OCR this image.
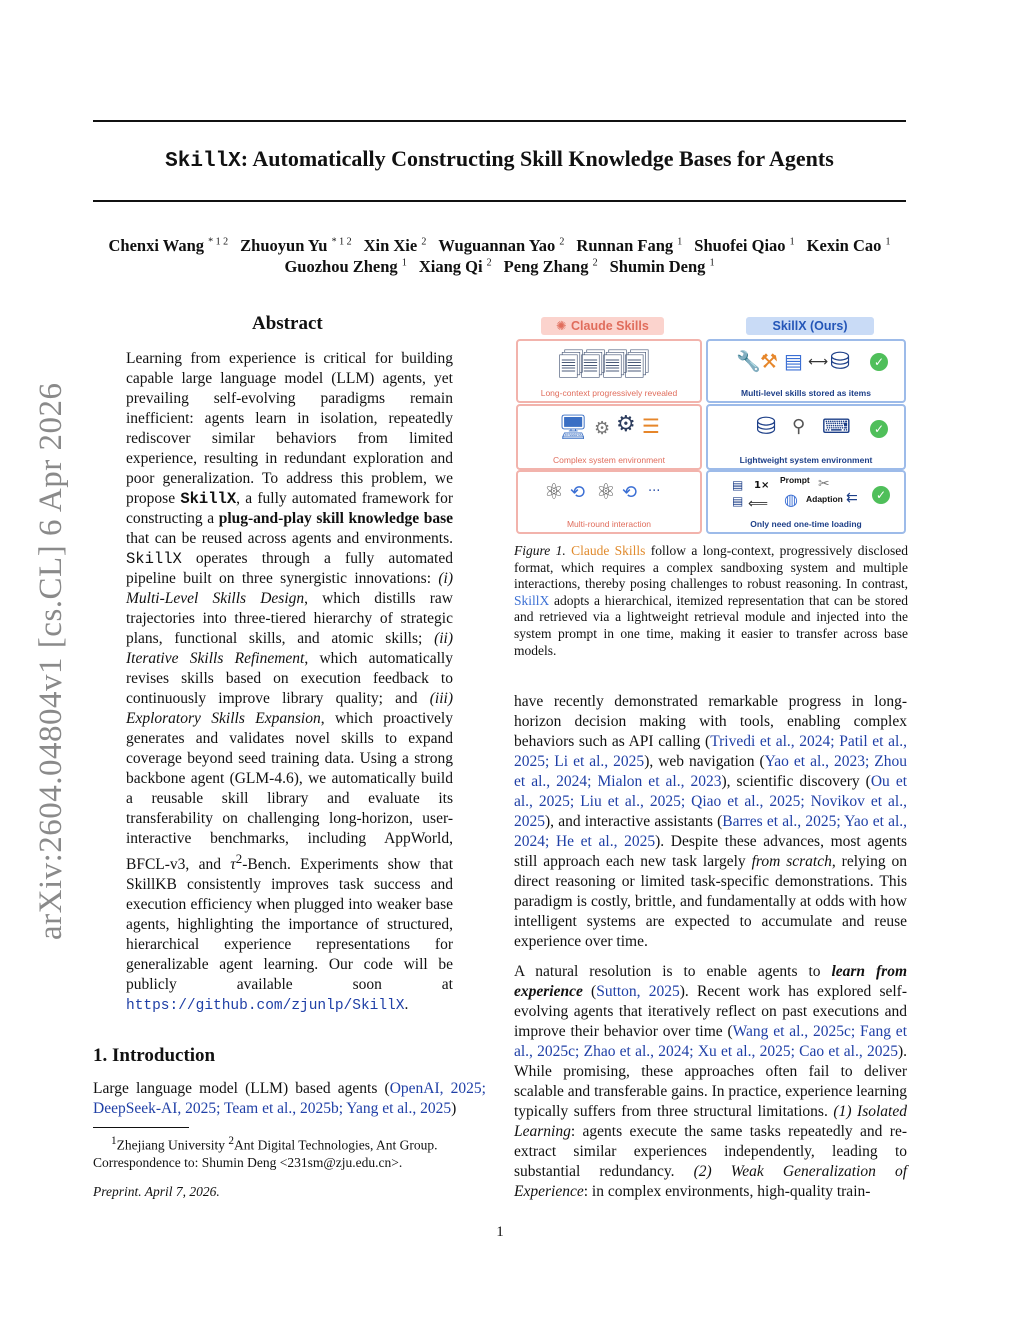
arXiv:2604.04804v1 [cs.CL] 6 Apr 2026
SkillX: Automatically Constructing Skill Knowledge Bases for Agents
Chenxi Wang $^{* 1 2}$ Zhuoyun Yu $^{* 1 2}$ Xin Xie $^2$ Wuguannan Yao $^2$ Runnan Fang $^1$ Shuofei Qiao $^1$ Kexin Cao $^1$
Guozhou Zheng $^1$ Xiang Qi $^2$ Peng Zhang $^2$ Shumin Deng $^1$
Abstract

Learning from experience is critical for building capable large language model (LLM) agents, yet prevailing self-evolving paradigms remain inefficient: agents learn in isolation, repeatedly rediscover similar behaviors from limited experience, resulting in redundant exploration and poor generalization. To address this problem, we propose SkillX, a fully automated framework for constructing a plug-and-play skill knowledge base that can be reused across agents and environments. SkillX operates through a fully automated pipeline built on three synergistic innovations: (i) Multi-Level Skills Design, which distills raw trajectories into three-tiered hierarchy of strategic plans, functional skills, and atomic skills; (ii) Iterative Skills Refinement, which automatically revises skills based on execution feedback to continuously improve library quality; and (iii) Exploratory Skills Expansion, which proactively generates and validates novel skills to expand coverage beyond seed training data. Using a strong backbone agent (GLM-4.6), we automatically build a reusable skill library and evaluate its transferability on challenging long-horizon, user-interactive benchmarks, including AppWorld, BFCL-v3, and $\tau^2$-Bench. Experiments show that SkillKB consistently improves task success and execution efficiency when plugged into weaker base agents, highlighting the importance of structured, hierarchical experience representations for generalizable agent learning. Our code will be publicly available soon at https://github.com/zjunlp/SkillX.

1. Introduction

Large language model (LLM) based agents (OpenAI, 2025; DeepSeek-AI, 2025; Team et al., 2025b; Yang et al., 2025)

$^1$Zhejiang University $^2$Ant Digital Technologies, Ant Group.
Correspondence to: Shumin Deng <231sm@zju.edu.cn>.
Preprint. April 7, 2026.

have recently demonstrated remarkable progress in long-horizon decision making with tools, enabling complex behaviors such as API calling (Trivedi et al., 2024; Patil et al., 2025; Li et al., 2025), web navigation (Yao et al., 2023; Zhou et al., 2024; Mialon et al., 2023), scientific discovery (Ou et al., 2025; Liu et al., 2025; Qiao et al., 2025; Novikov et al., 2025), and interactive assistants (Barres et al., 2025; Yao et al., 2024; He et al., 2025). Despite these advances, most agents still approach each new task largely from scratch, relying on direct reasoning or limited task-specific demonstrations. This paradigm is costly, brittle, and fundamentally at odds with how intelligent systems are expected to accumulate and reuse experience over time.

A natural resolution is to enable agents to learn from experience (Sutton, 2025). Recent work has explored self-evolving agents that iteratively reflect on past executions and improve their behavior over time (Wang et al., 2025c; Fang et al., 2025c; Zhao et al., 2024; Xu et al., 2025; Cao et al., 2025). While promising, these approaches often fail to deliver scalable and transferable gains. In practice, experience learning typically suffers from three structural limitations. (1) Isolated Learning: agents execute the same tasks repeatedly and re-extract similar experiences independently, leading to substantial redundancy. (2) Weak Generalization of Experience: in complex environments, high-quality train-

✺ Claude Skills	SkillX (Ours)
🗐🗐🗐🗐
Long-context progressively revealed
🖥 ⚙ ⚙ ☰
Complex system environment
⚛ ⟲ ⚛ ⟲ ···
Multi-round interaction
🔧 ⚒ ▤ ⟷ ⛁	✓
Multi-level skills stored as items
⛁ ⚲ ⌨	✓
Lightweight system environment
▤
▤
1×
⟸
Prompt
◍
✂
Adaption ⇇	✓
Only need one-time loading

Figure 1. Claude Skills follow a long-context, progressively disclosed format, which requires a complex sandboxing system and multiple interactions, thereby posing challenges to robust reasoning. In contrast, SkillX adopts a hierarchical, itemized representation that can be stored and retrieved via a lightweight retrieval module and injected into the system prompt in one time, making it easier to transfer across base models.

1
